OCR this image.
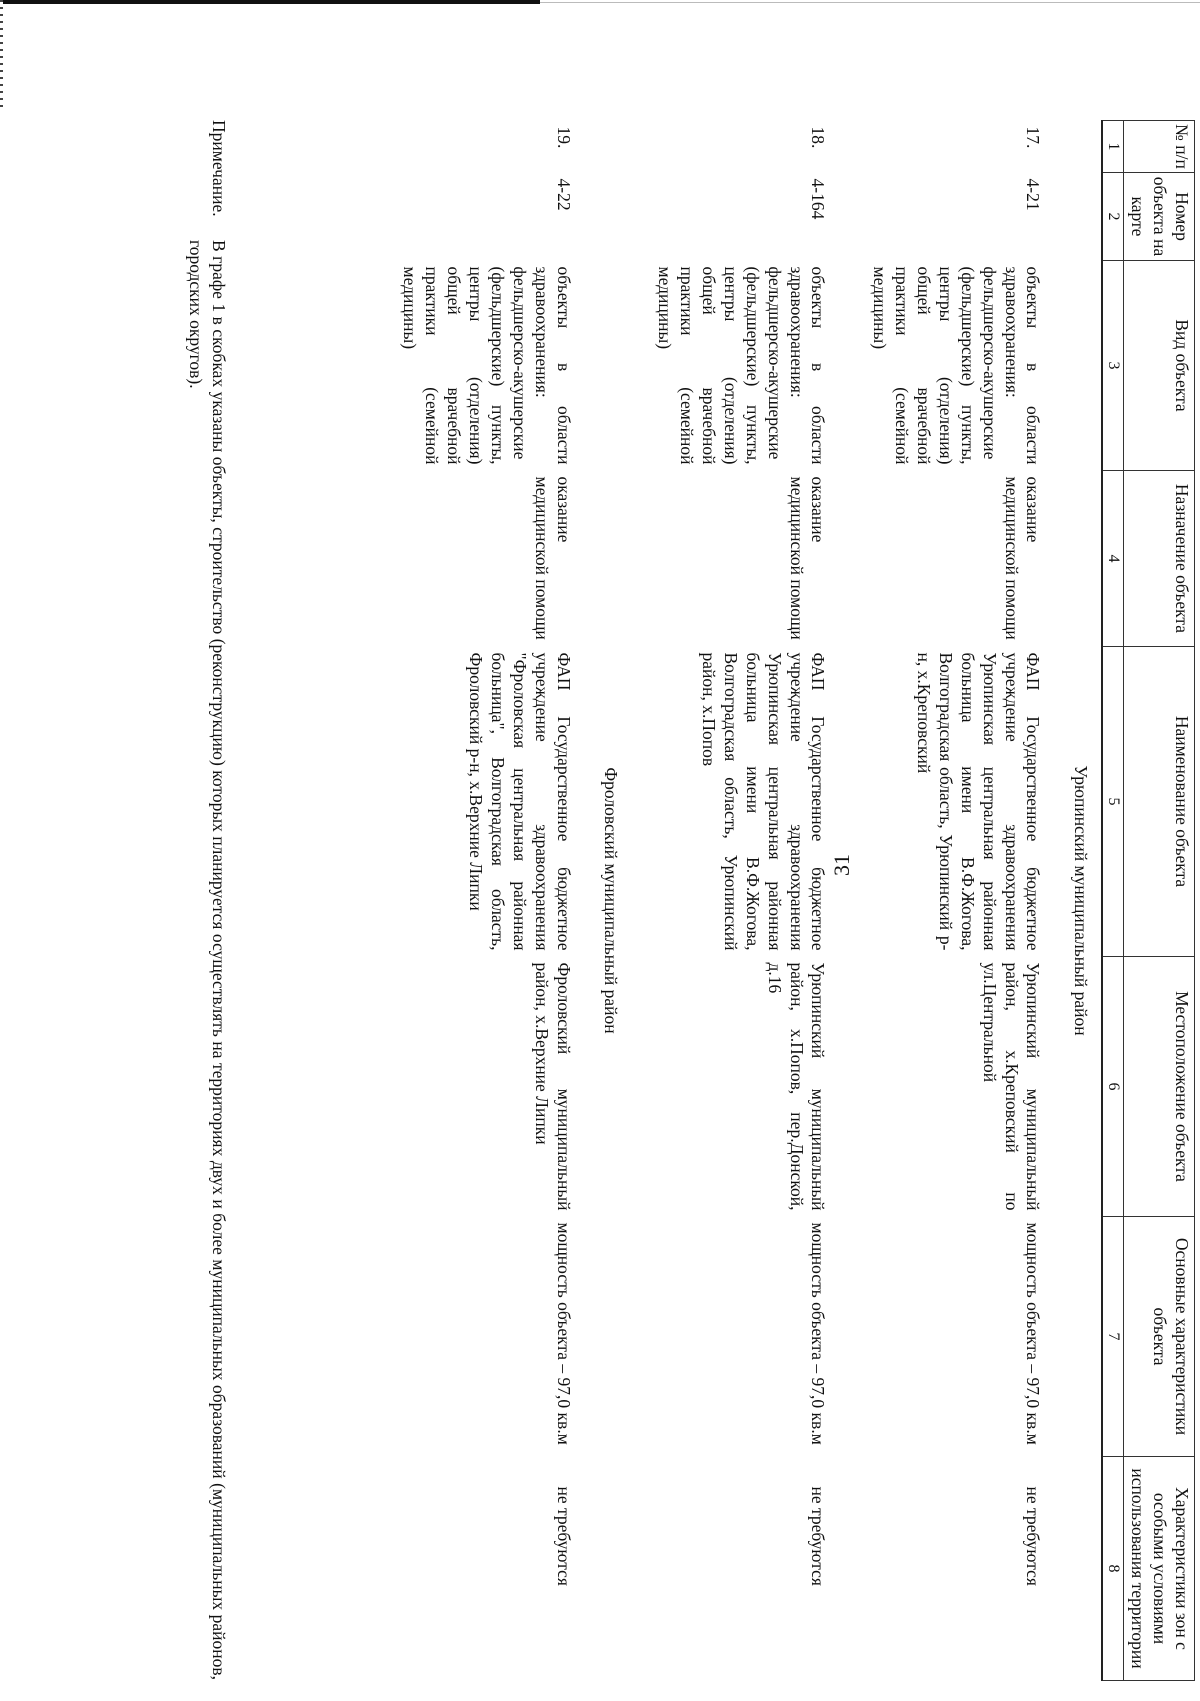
31
№ п/п	Номер объекта на карте	Вид объекта	Назначение объекта	Наименование объекта	Местоположение объекта	Основные характеристики объекта	Характеристики зон с особыми условиями использования территории
1	2	3	4	5	6	7	8
Урюпинский муниципальный район							
17.	4-21	объекты в области здравоохранения: фельдшерско-акушерские (фельдшерские) пункты, центры (отделения) общей врачебной практики (семейной медицины)	оказание медицинской помощи	ФАП Государственное бюджетное учреждение здравоохранения Урюпинская центральная районная больница имени В.Ф.Жогова, Волгоградская область, Урюпинский р-н, х.Креповский	Урюпинский муниципальный район, х.Креповский по ул.Центральной	мощность объекта – 97,0 кв.м	не требуются
18.	4-164	объекты в области здравоохранения: фельдшерско-акушерские (фельдшерские) пункты, центры (отделения) общей врачебной практики (семейной медицины)	оказание медицинской помощи	ФАП Государственное бюджетное учреждение здравоохранения Урюпинская центральная районная больница имени В.Ф.Жогова, Волгоградская область, Урюпинский район, х.Попов	Урюпинский муниципальный район, х.Попов, пер.Донской, д.16	мощность объекта – 97,0 кв.м	не требуются
Фроловский муниципальный район							
19.	4-22	объекты в области здравоохранения: фельдшерско-акушерские (фельдшерские) пункты, центры (отделения) общей врачебной практики (семейной медицины)	оказание медицинской помощи	ФАП Государственное бюджетное учреждение здравоохранения "Фроловская центральная районная больница", Волгоградская область, Фроловский р-н, х.Верхние Липки	Фроловский муниципальный район, х.Верхние Липки	мощность объекта – 97,0 кв.м	не требуются
Примечание.
В графе 1 в скобках указаны объекты, строительство (реконструкцию) которых планируется осуществлять на территориях двух и более муниципальных образований (муниципальных районов, городских округов).
